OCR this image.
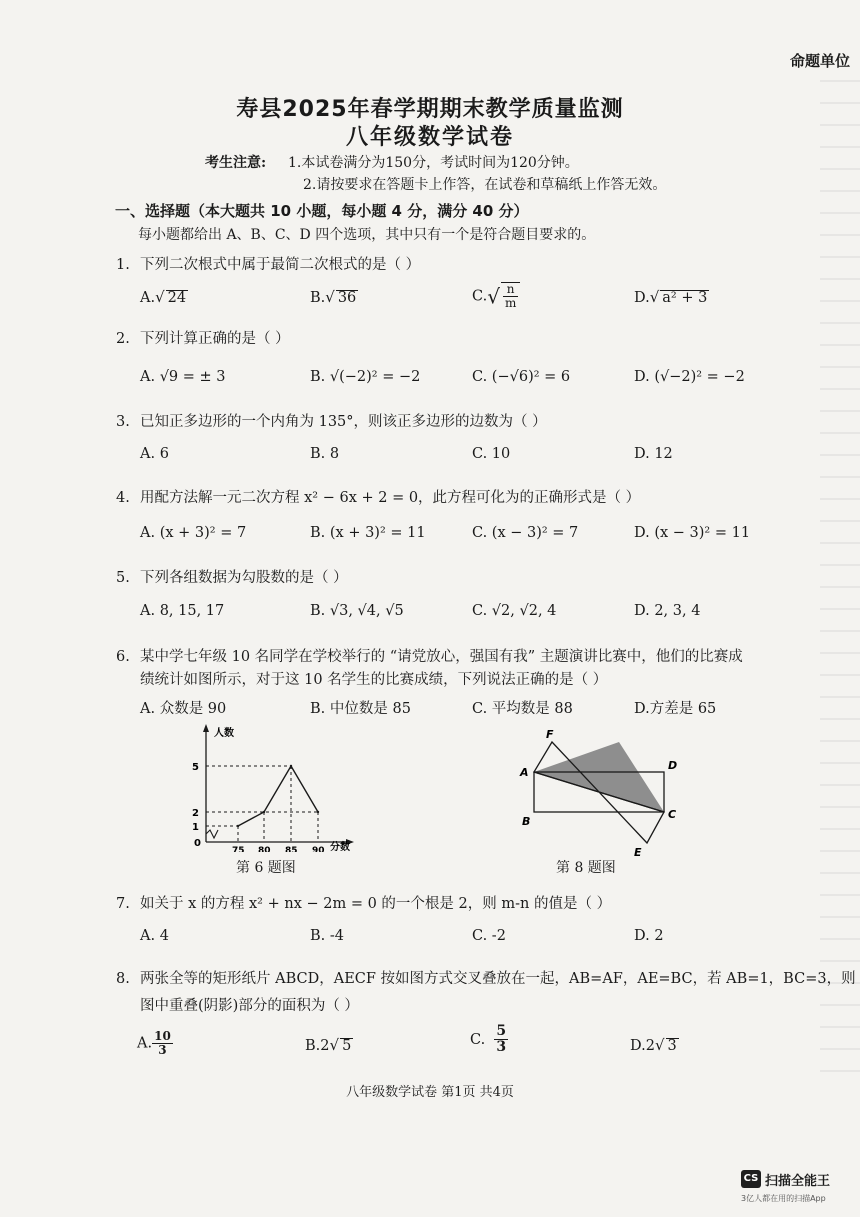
命题单位
寿县2025年春学期期末教学质量监测
八年级数学试卷
考生注意: 1.本试卷满分为150分，考试时间为120分钟。
2.请按要求在答题卡上作答，在试卷和草稿纸上作答无效。
一、选择题（本大题共 10 小题，每小题 4 分，满分 40 分）
每小题都给出 A、B、C、D 四个选项，其中只有一个是符合题目要求的。
1. 下列二次根式中属于最简二次根式的是（ ）
A.√ 24	B.√ 36	$C.√ \frac{n}{m}$	D.√ a² + 3
2. 下列计算正确的是（ ）
A. √9 = ± 3	B. √(−2)² = −2	C. (−√6)² = 6	D. (√−2)² = −2
3. 已知正多边形的一个内角为 135°，则该正多边形的边数为（ ）
A. 6	B. 8	C. 10	D. 12
4. 用配方法解一元二次方程 x² − 6x + 2 = 0，此方程可化为的正确形式是（ ）
A. (x + 3)² = 7	B. (x + 3)² = 11	C. (x − 3)² = 7	D. (x − 3)² = 11
5. 下列各组数据为勾股数的是（ ）
A. 8, 15, 17	B. √3, √4, √5	C. √2, √2, 4	D. 2, 3, 4
6. 某中学七年级 10 名同学在学校举行的 “请党放心，强国有我” 主题演讲比赛中，他们的比赛成
绩统计如图所示，对于这 10 名学生的比赛成绩，下列说法正确的是（ ）
A. 众数是 90	B. 中位数是 85	C. 平均数是 88	D.方差是 65
1
2
5
75 80 85 90
人数
分数
0
第 6 题图
F
A
D
B
C
E
第 8 题图
7. 如关于 x 的方程 x² + nx − 2m = 0 的一个根是 2，则 m-n 的值是（ ）
A. 4	B. -4	C. -2	D. 2
8. 两张全等的矩形纸片 ABCD，AECF 按如图方式交叉叠放在一起，AB=AF，AE=BC，若 AB=1，BC=3，则
图中重叠(阴影)部分的面积为（ ）
A. $\frac{10}{3}$	B.2√ 5	C. $\frac{5}{3}$	D.2√ 3
八年级数学试卷 第1页 共4页
CS 扫描全能王
3亿人都在用的扫描App
